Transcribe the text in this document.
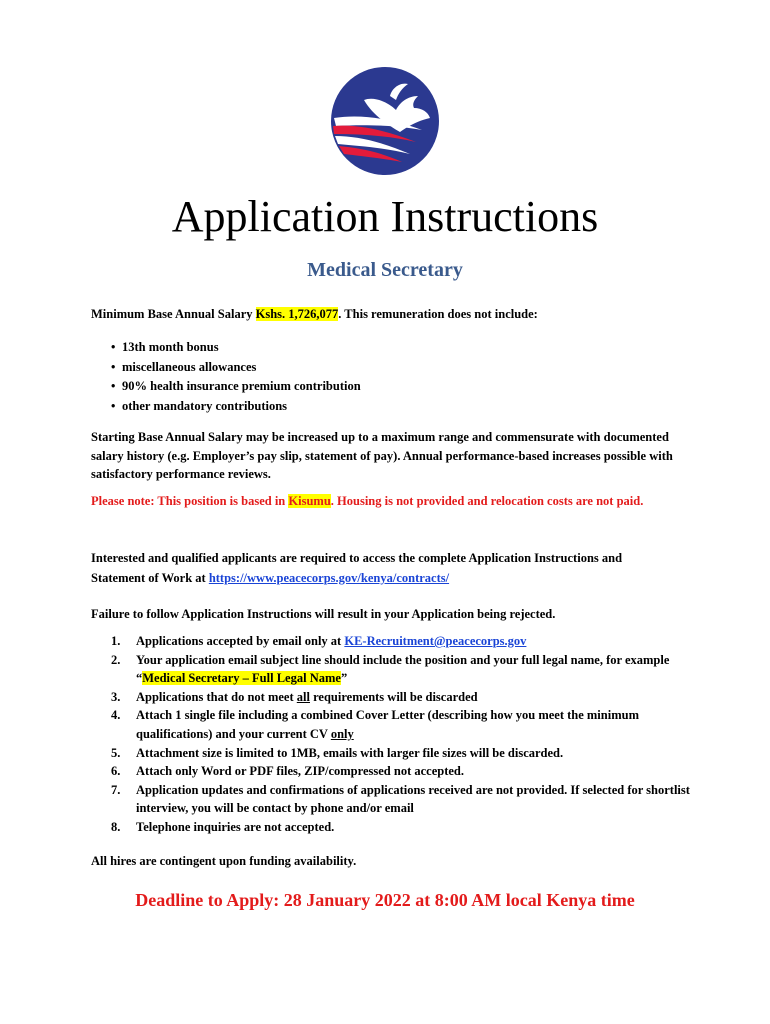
Application Instructions
Medical Secretary

Minimum Base Annual Salary Kshs. 1,726,077. This remuneration does not include:

• 13th month bonus
• miscellaneous allowances
• 90% health insurance premium contribution
• other mandatory contributions

Starting Base Annual Salary may be increased up to a maximum range and commensurate with documented salary history (e.g. Employer’s pay slip, statement of pay). Annual performance-based increases possible with satisfactory performance reviews.

Please note: This position is based in Kisumu. Housing is not provided and relocation costs are not paid.

Interested and qualified applicants are required to access the complete Application Instructions and Statement of Work at https://www.peacecorps.gov/kenya/contracts/

Failure to follow Application Instructions will result in your Application being rejected.

1. Applications accepted by email only at KE-Recruitment@peacecorps.gov
2. Your application email subject line should include the position and your full legal name, for example “Medical Secretary – Full Legal Name”
3. Applications that do not meet all requirements will be discarded
4. Attach 1 single file including a combined Cover Letter (describing how you meet the minimum qualifications) and your current CV only
5. Attachment size is limited to 1MB, emails with larger file sizes will be discarded.
6. Attach only Word or PDF files, ZIP/compressed not accepted.
7. Application updates and confirmations of applications received are not provided. If selected for shortlist interview, you will be contact by phone and/or email
8. Telephone inquiries are not accepted.

All hires are contingent upon funding availability.

Deadline to Apply: 28 January 2022 at 8:00 AM local Kenya time
